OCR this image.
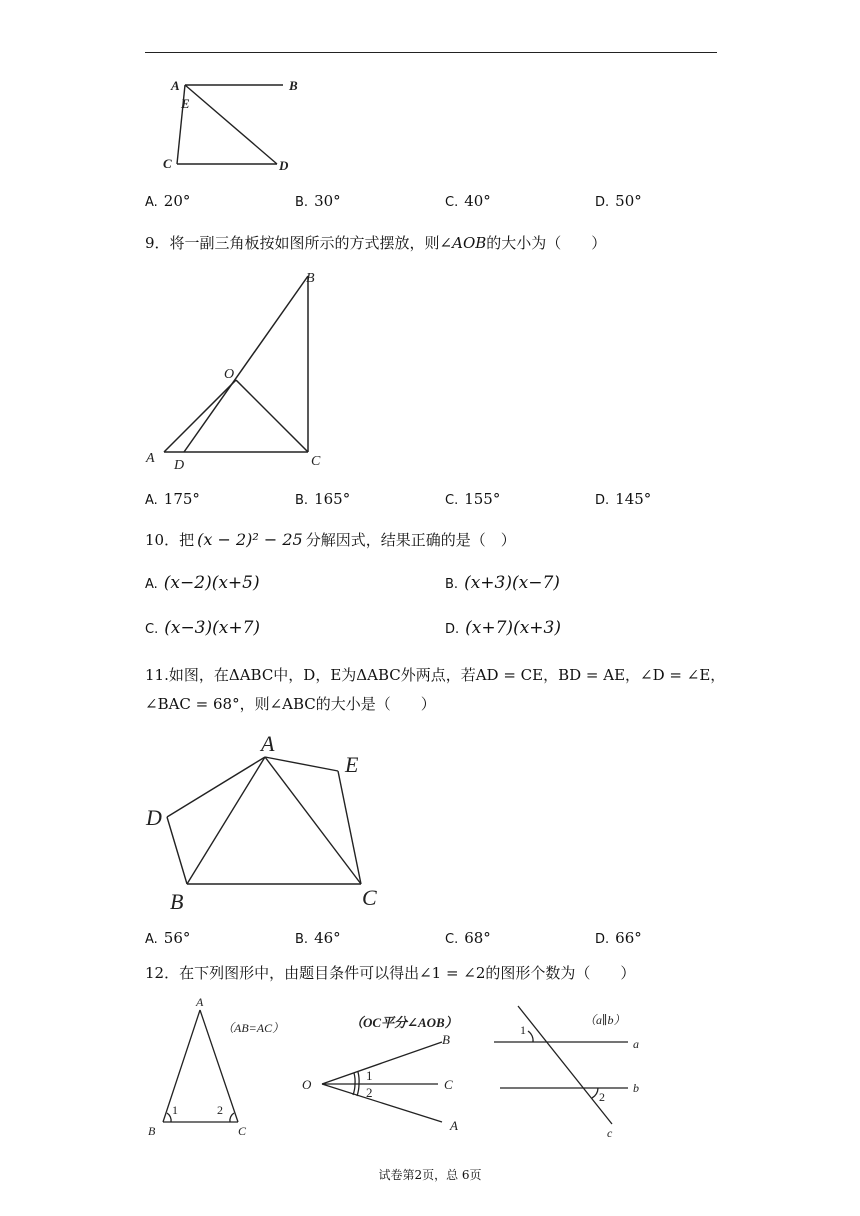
A	B
E
C	D
A. 20°	B. 30°	C. 40°	D. 50°
9．将一副三角板按如图所示的方式摆放，则∠AOB的大小为（　　）
B
O
A D	C
A. 175°	B. 165°	C. 155°	D. 145°
10．把 (x − 2)² − 25 分解因式，结果正确的是（　）
A. (x−2)(x+5)	B. (x+3)(x−7)
C. (x−3)(x+7)	D. (x+7)(x+3)
11.如图，在ΔABC中，D，E为ΔABC外两点，若AD = CE，BD = AE，∠D = ∠E，
∠BAC = 68°，则∠ABC的大小是（　　）
A
E
D
B	C
A. 56°	B. 46°	C. 68°	D. 66°
12．在下列图形中，由题目条件可以得出∠1 = ∠2的图形个数为（　　）
A
B	C
1	2
（AB=AC）
O
B
C
A
1
2
（OC平分∠AOB）	1
a
b
2
c
（a∥b）
试卷第2页，总 6页
